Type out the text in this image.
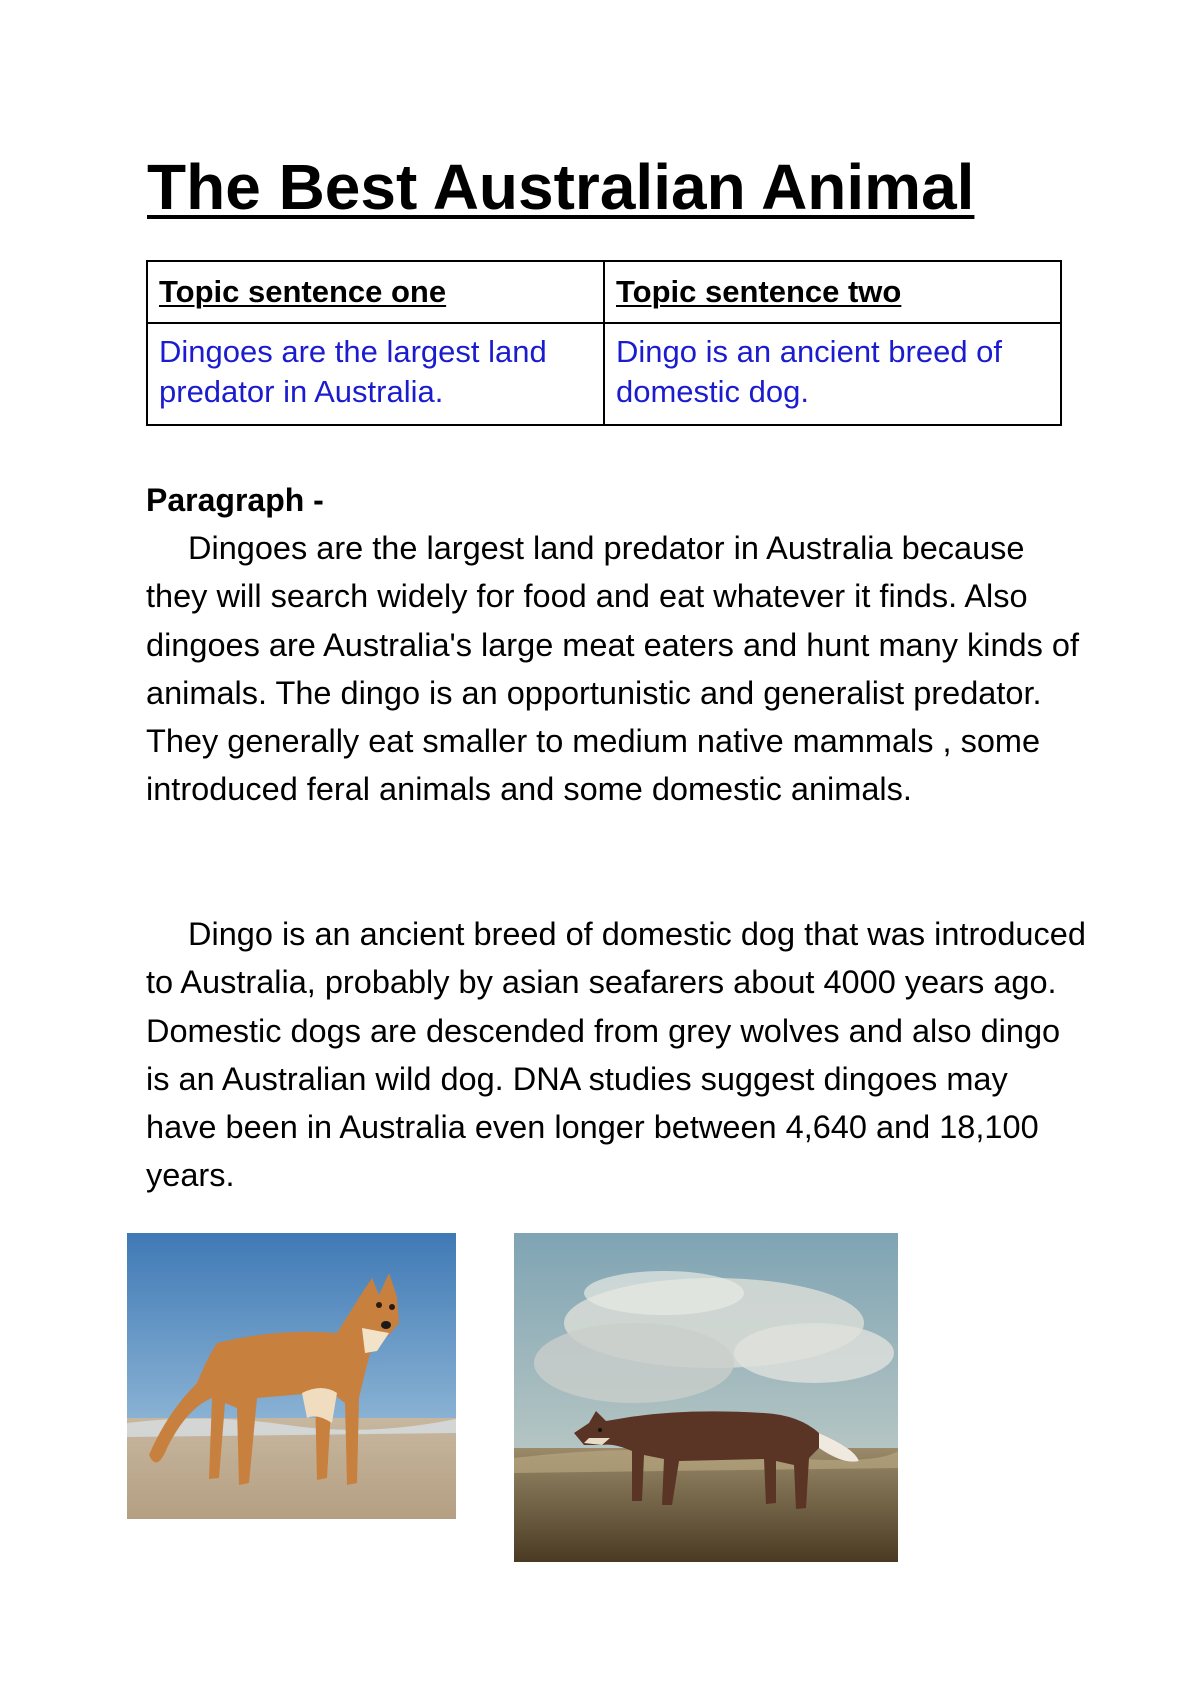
The Best Australian Animal
Topic sentence one	Topic sentence two
Dingoes are the largest land predator in Australia.	Dingo is an ancient breed of domestic dog.

Paragraph -

Dingoes are the largest land predator in Australia because they will search widely for food and eat whatever it finds. Also dingoes are Australia's large meat eaters and hunt many kinds of animals. The dingo is an opportunistic and generalist predator. They generally eat smaller to medium native mammals , some introduced feral animals and some domestic animals.

Dingo is an ancient breed of domestic dog that was introduced to Australia, probably by asian seafarers about 4000 years ago. Domestic dogs are descended from grey wolves and also dingo is an Australian wild dog. DNA studies suggest dingoes may have been in Australia even longer between 4,640 and 18,100 years.
